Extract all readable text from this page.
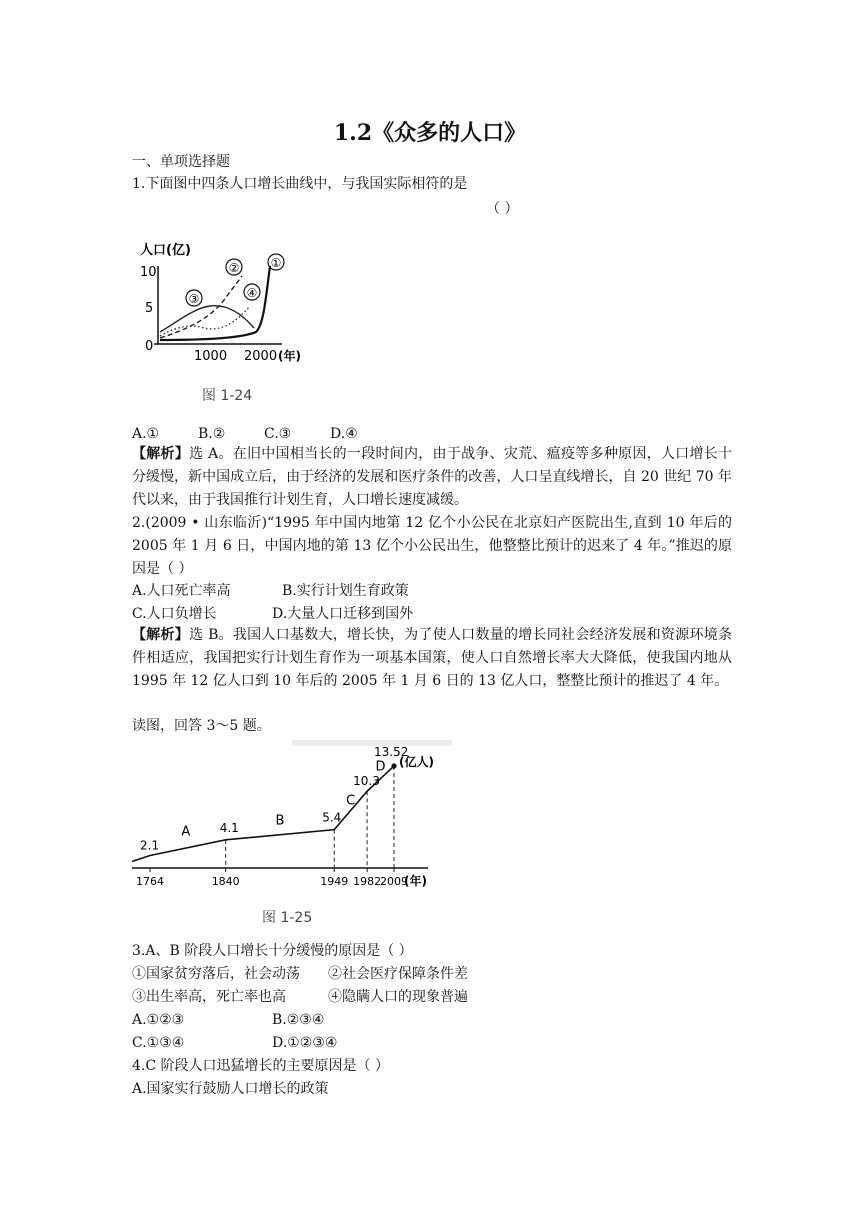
1.2《众多的人口》
一、单项选择题
1.下面图中四条人口增长曲线中，与我国实际相符的是
（ ）
人口(亿)
10
5
0
①
②
③	④
1000 2000 (年)
图 1-24
A.①	B.②	C.③	D.④
【解析】选 A。在旧中国相当长的一段时间内，由于战争、灾荒、瘟疫等多种原因，人口增长十分缓慢，新中国成立后，由于经济的发展和医疗条件的改善，人口呈直线增长，自 20 世纪 70 年代以来，由于我国推行计划生育，人口增长速度减缓。
2.(2009 • 山东临沂)“1995 年中国内地第 12 亿个小公民在北京妇产医院出生,直到 10 年后的 2005 年 1 月 6 日，中国内地的第 13 亿个小公民出生，他整整比预计的迟来了 4 年。”推迟的原因是（ ）
A.人口死亡率高	B.实行计划生育政策
C.人口负增长	D.大量人口迁移到国外
【解析】选 B。我国人口基数大，增长快，为了使人口数量的增长同社会经济发展和资源环境条件相适应，我国把实行计划生育作为一项基本国策，使人口自然增长率大大降低，使我国内地从 1995 年 12 亿人口到 10 年后的 2005 年 1 月 6 日的 13 亿人口，整整比预计的推迟了 4 年。
读图，回答 3～5 题。
2.1
4.1
5.4
10.3
13.52
A
B
C
D
1764	1840	1949 1982
2009
(年)
(亿人)
图 1-25
3.A、B 阶段人口增长十分缓慢的原因是（ ）
①国家贫穷落后，社会动荡 ②社会医疗保障条件差
③出生率高，死亡率也高	④隐瞒人口的现象普遍
A.①②③	B.②③④
C.①③④	D.①②③④
4.C 阶段人口迅猛增长的主要原因是（ ）
A.国家实行鼓励人口增长的政策
